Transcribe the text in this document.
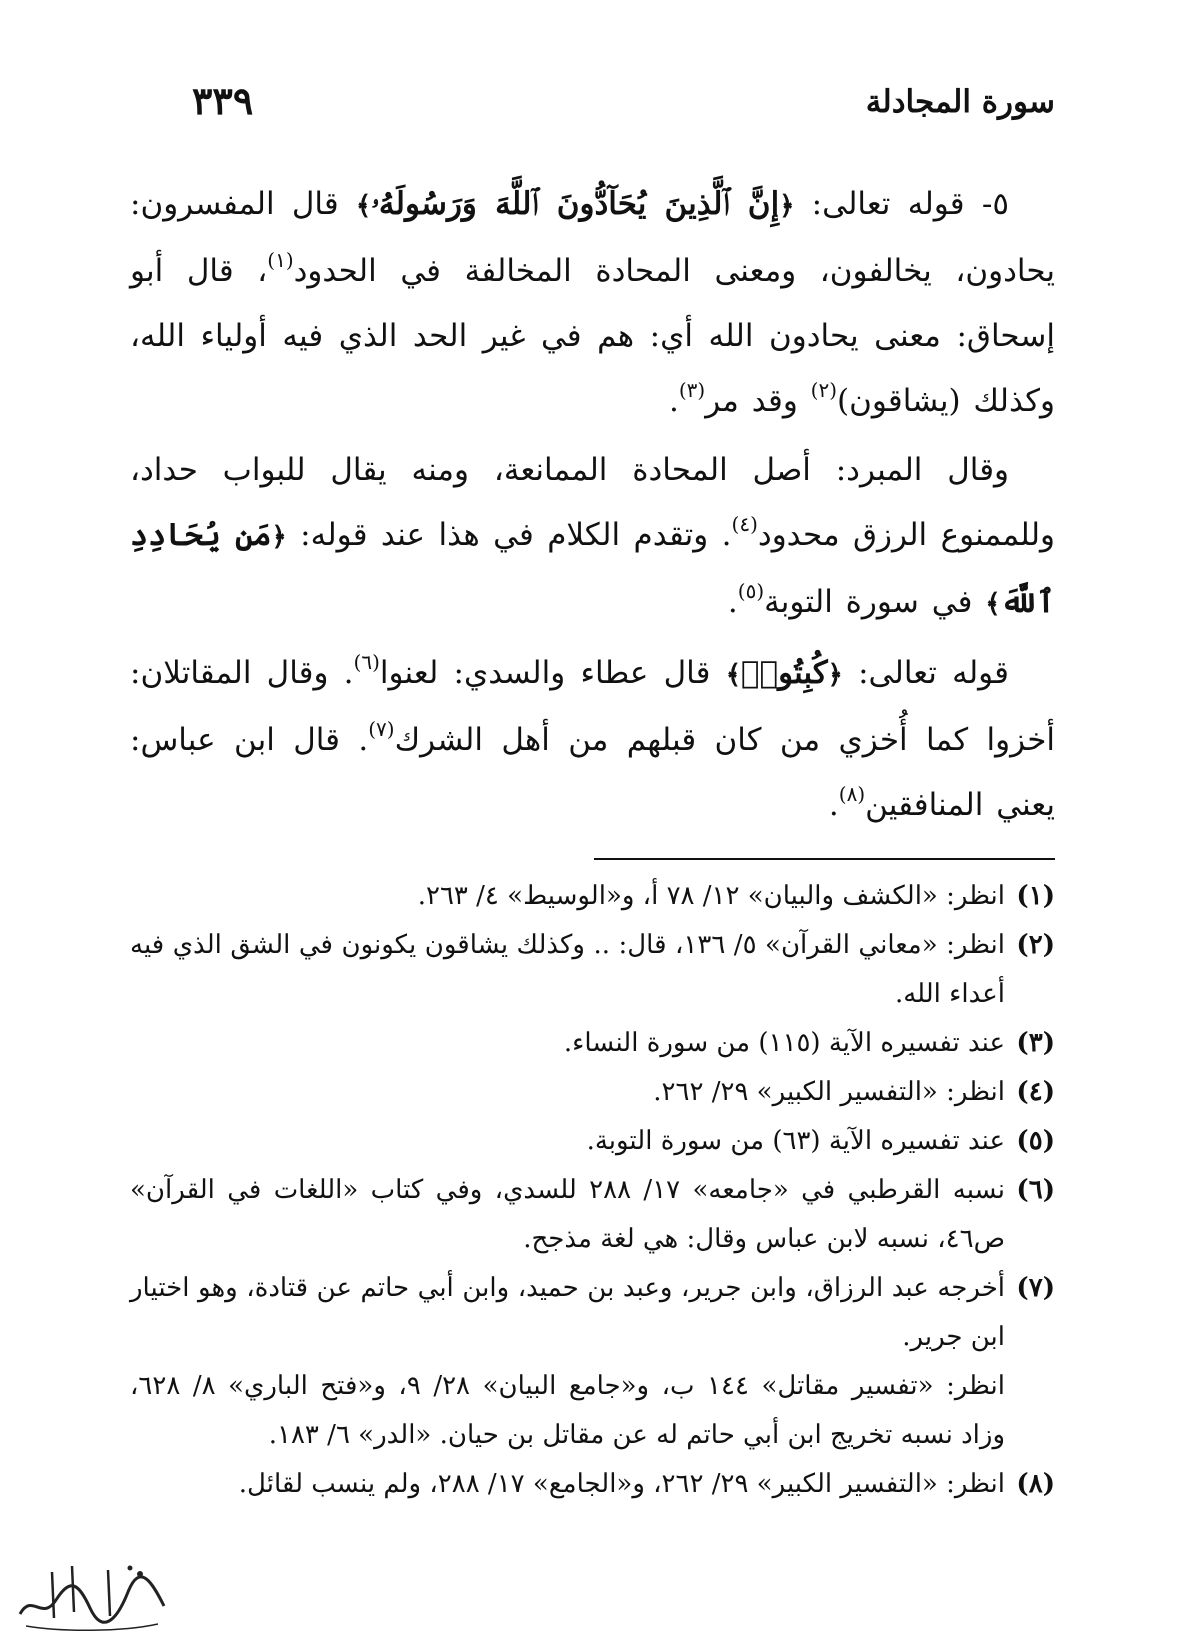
سورة المجادلة
٣٣٩

٥- قوله تعالى: ﴿إِنَّ ٱلَّذِينَ يُحَآدُّونَ ٱللَّهَ وَرَسُولَهُۥ﴾ قال المفسرون: يحادون، يخالفون، ومعنى المحادة المخالفة في الحدود$^{(١)}$، قال أبو إسحاق: معنى يحادون الله أي: هم في غير الحد الذي فيه أولياء الله، وكذلك (يشاقون)$^{(٢)}$ وقد مر$^{(٣)}$.

وقال المبرد: أصل المحادة الممانعة، ومنه يقال للبواب حداد، وللممنوع الرزق محدود$^{(٤)}$. وتقدم الكلام في هذا عند قوله: ﴿مَن يُحَادِدِ ٱللَّهَ﴾ في سورة التوبة$^{(٥)}$.

قوله تعالى: ﴿كُبِتُوا۟﴾ قال عطاء والسدي: لعنوا$^{(٦)}$. وقال المقاتلان: أخزوا كما أُخزي من كان قبلهم من أهل الشرك$^{(٧)}$. قال ابن عباس: يعني المنافقين$^{(٨)}$.

(١)

انظر: «الكشف والبيان» ١٢/ ٧٨ أ، و«الوسيط» ٤/ ٢٦٣.

(٢)

انظر: «معاني القرآن» ٥/ ١٣٦، قال: .. وكذلك يشاقون يكونون في الشق الذي فيه أعداء الله.

(٣)

عند تفسيره الآية (١١٥) من سورة النساء.

(٤)

انظر: «التفسير الكبير» ٢٩/ ٢٦٢.

(٥)

عند تفسيره الآية (٦٣) من سورة التوبة.

(٦)

نسبه القرطبي في «جامعه» ١٧/ ٢٨٨ للسدي، وفي كتاب «اللغات في القرآن» ص٤٦، نسبه لابن عباس وقال: هي لغة مذجح.

(٧)

أخرجه عبد الرزاق، وابن جرير، وعبد بن حميد، وابن أبي حاتم عن قتادة، وهو اختيار ابن جرير.

انظر: «تفسير مقاتل» ١٤٤ ب، و«جامع البيان» ٢٨/ ٩، و«فتح الباري» ٨/ ٦٢٨، وزاد نسبه تخريج ابن أبي حاتم له عن مقاتل بن حيان. «الدر» ٦/ ١٨٣.

(٨)

انظر: «التفسير الكبير» ٢٩/ ٢٦٢، و«الجامع» ١٧/ ٢٨٨، ولم ينسب لقائل.
